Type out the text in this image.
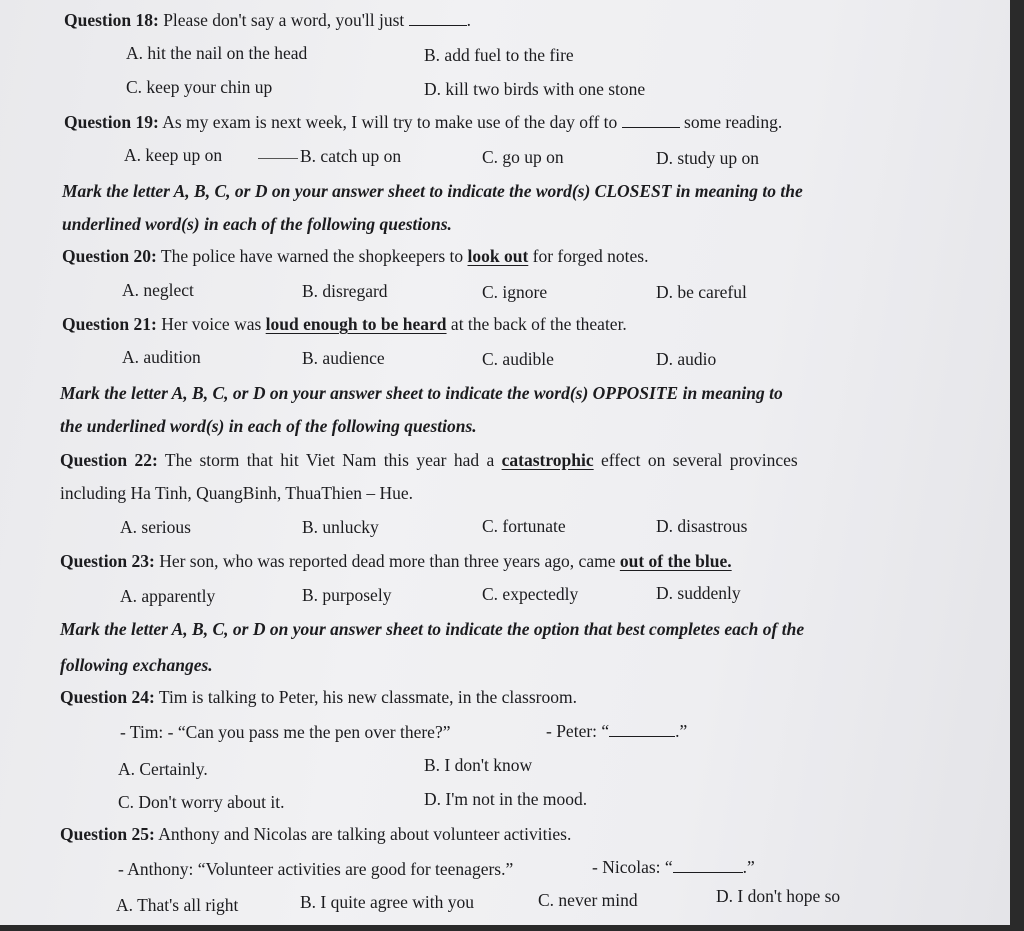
Question 18: Please don't say a word, you'll just	.
A. hit the nail on the head	B. add fuel to the fire
C. keep your chin up	D. kill two birds with one stone
Question 19: As my exam is next week, I will try to make use of the day off to	some reading.
A. keep up on	B. catch up on	C. go up on	D. study up on
Mark the letter A, B, C, or D on your answer sheet to indicate the word(s) CLOSEST in meaning to the
underlined word(s) in each of the following questions.
Question 20: The police have warned the shopkeepers to look out for forged notes.
A. neglect	B. disregard	C. ignore	D. be careful
Question 21: Her voice was loud enough to be heard at the back of the theater.
A. audition	B. audience	C. audible	D. audio
Mark the letter A, B, C, or D on your answer sheet to indicate the word(s) OPPOSITE in meaning to
the underlined word(s) in each of the following questions.
Question 22: The storm that hit Viet Nam this year had a catastrophic effect on several provinces
including Ha Tinh, QuangBinh, ThuaThien – Hue.
A. serious	B. unlucky	C. fortunate	D. disastrous
Question 23: Her son, who was reported dead more than three years ago, came out of the blue.
A. apparently	B. purposely	C. expectedly	D. suddenly
Mark the letter A, B, C, or D on your answer sheet to indicate the option that best completes each of the
following exchanges.
Question 24: Tim is talking to Peter, his new classmate, in the classroom.
- Tim: - “Can you pass me the pen over there?”	- Peter: “	.”
A. Certainly.	B. I don't know
C. Don't worry about it.	D. I'm not in the mood.
Question 25: Anthony and Nicolas are talking about volunteer activities.
- Anthony: “Volunteer activities are good for teenagers.”	- Nicolas: “	.”
A. That's all right	B. I quite agree with you	C. never mind	D. I don't hope so
